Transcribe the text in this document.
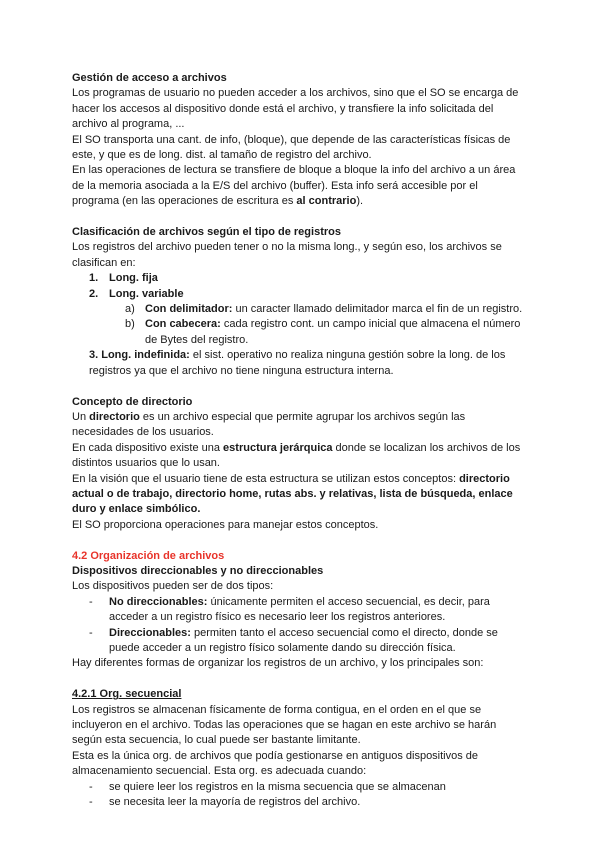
Gestión de acceso a archivos

Los programas de usuario no pueden acceder a los archivos, sino que el SO se encarga de hacer los accesos al dispositivo donde está el archivo, y transfiere la info solicitada del archivo al programa, ...

El SO transporta una cant. de info, (bloque), que depende de las características físicas de este, y que es de long. dist. al tamaño de registro del archivo.

En las operaciones de lectura se transfiere de bloque a bloque la info del archivo a un área de la memoria asociada a la E/S del archivo (buffer). Esta info será accesible por el programa (en las operaciones de escritura es al contrario).

Clasificación de archivos según el tipo de registros

Los registros del archivo pueden tener o no la misma long., y según eso, los archivos se clasifican en:

1. Long. fija
2. Long. variable
a) Con delimitador: un caracter llamado delimitador marca el fin de un registro.
b) Con cabecera: cada registro cont. un campo inicial que almacena el número de Bytes del registro.

3. Long. indefinida: el sist. operativo no realiza ninguna gestión sobre la long. de los registros ya que el archivo no tiene ninguna estructura interna.

Concepto de directorio

Un directorio es un archivo especial que permite agrupar los archivos según las necesidades de los usuarios.

En cada dispositivo existe una estructura jerárquica donde se localizan los archivos de los distintos usuarios que lo usan.

En la visión que el usuario tiene de esta estructura se utilizan estos conceptos: directorio actual o de trabajo, directorio home, rutas abs. y relativas, lista de búsqueda, enlace duro y enlace simbólico.

El SO proporciona operaciones para manejar estos conceptos.

4.2 Organización de archivos

Dispositivos direccionables y no direccionables

Los dispositivos pueden ser de dos tipos:

-	No direccionables: únicamente permiten el acceso secuencial, es decir, para acceder a un registro físico es necesario leer los registros anteriores.
-	Direccionables: permiten tanto el acceso secuencial como el directo, donde se puede acceder a un registro físico solamente dando su dirección física.

Hay diferentes formas de organizar los registros de un archivo, y los principales son:

4.2.1 Org. secuencial

Los registros se almacenan físicamente de forma contigua, en el orden en el que se incluyeron en el archivo. Todas las operaciones que se hagan en este archivo se harán según esta secuencia, lo cual puede ser bastante limitante.

Esta es la única org. de archivos que podía gestionarse en antiguos dispositivos de almacenamiento secuencial. Esta org. es adecuada cuando:

-	se quiere leer los registros en la misma secuencia que se almacenan
-	se necesita leer la mayoría de registros del archivo.
